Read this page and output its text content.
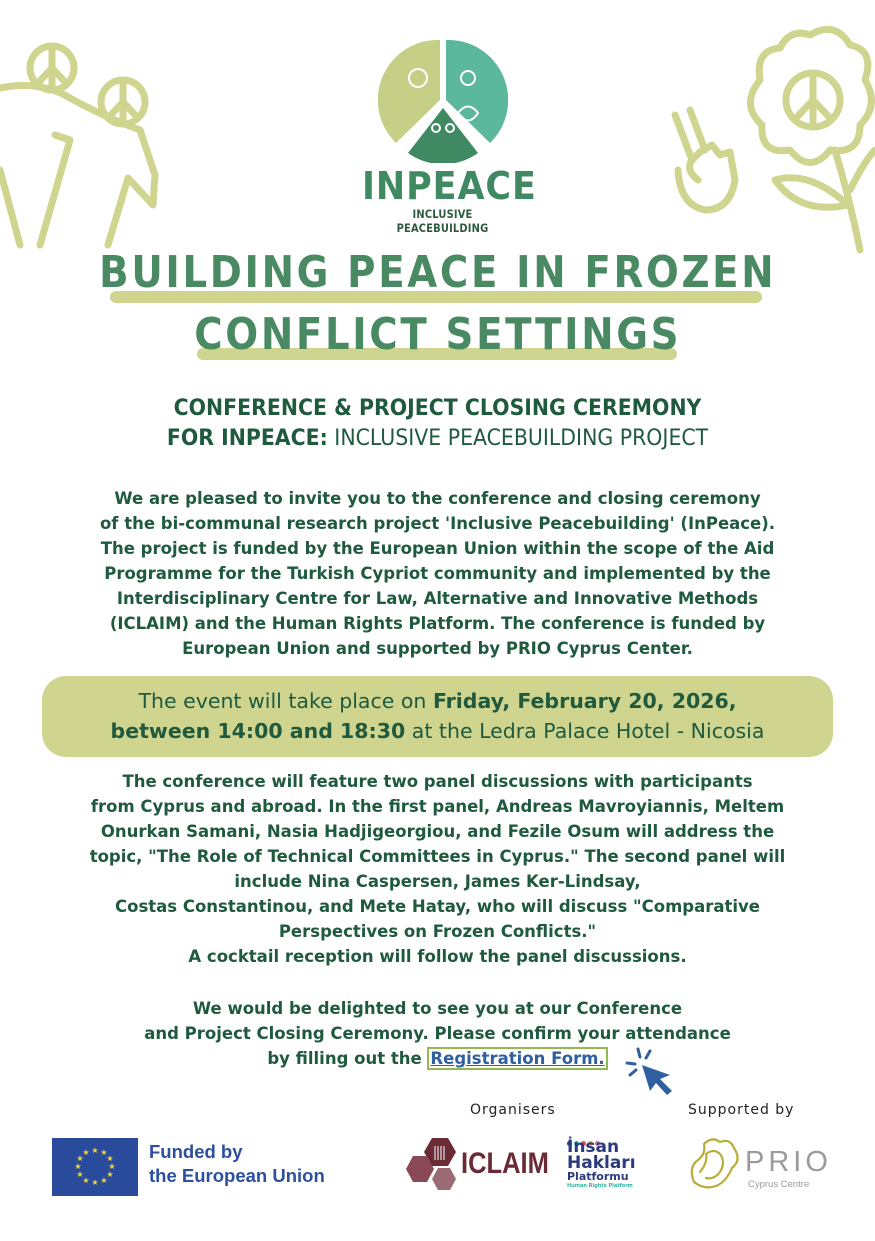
INPEACE
INCLUSIVE PEACEBUILDING
BUILDING PEACE IN FROZEN
CONFLICT SETTINGS
CONFERENCE & PROJECT CLOSING CEREMONY
FOR INPEACE: INCLUSIVE PEACEBUILDING PROJECT
We are pleased to invite you to the conference and closing ceremony
of the bi-communal research project 'Inclusive Peacebuilding' (InPeace).
The project is funded by the European Union within the scope of the Aid
Programme for the Turkish Cypriot community and implemented by the
Interdisciplinary Centre for Law, Alternative and Innovative Methods
(ICLAIM) and the Human Rights Platform. The conference is funded by
European Union and supported by PRIO Cyprus Center.
The event will take place on Friday, February 20, 2026,
between 14:00 and 18:30 at the Ledra Palace Hotel - Nicosia
The conference will feature two panel discussions with participants
from Cyprus and abroad. In the first panel, Andreas Mavroyiannis, Meltem
Onurkan Samani, Nasia Hadjigeorgiou, and Fezile Osum will address the
topic, "The Role of Technical Committees in Cyprus." The second panel will
include Nina Caspersen, James Ker-Lindsay,
Costas Constantinou, and Mete Hatay, who will discuss "Comparative
Perspectives on Frozen Conflicts."
A cocktail reception will follow the panel discussions.
We would be delighted to see you at our Conference
and Project Closing Ceremony. Please confirm your attendance
by filling out the Registration Form.
★ ★
★
★
★
★
★
★
★
★
★
★	Funded by
the European Union
Organisers	Supported by
ICLAIM İnsan
Hakları
Platformu
Human Rights Platform
PRIO
Cyprus Centre
